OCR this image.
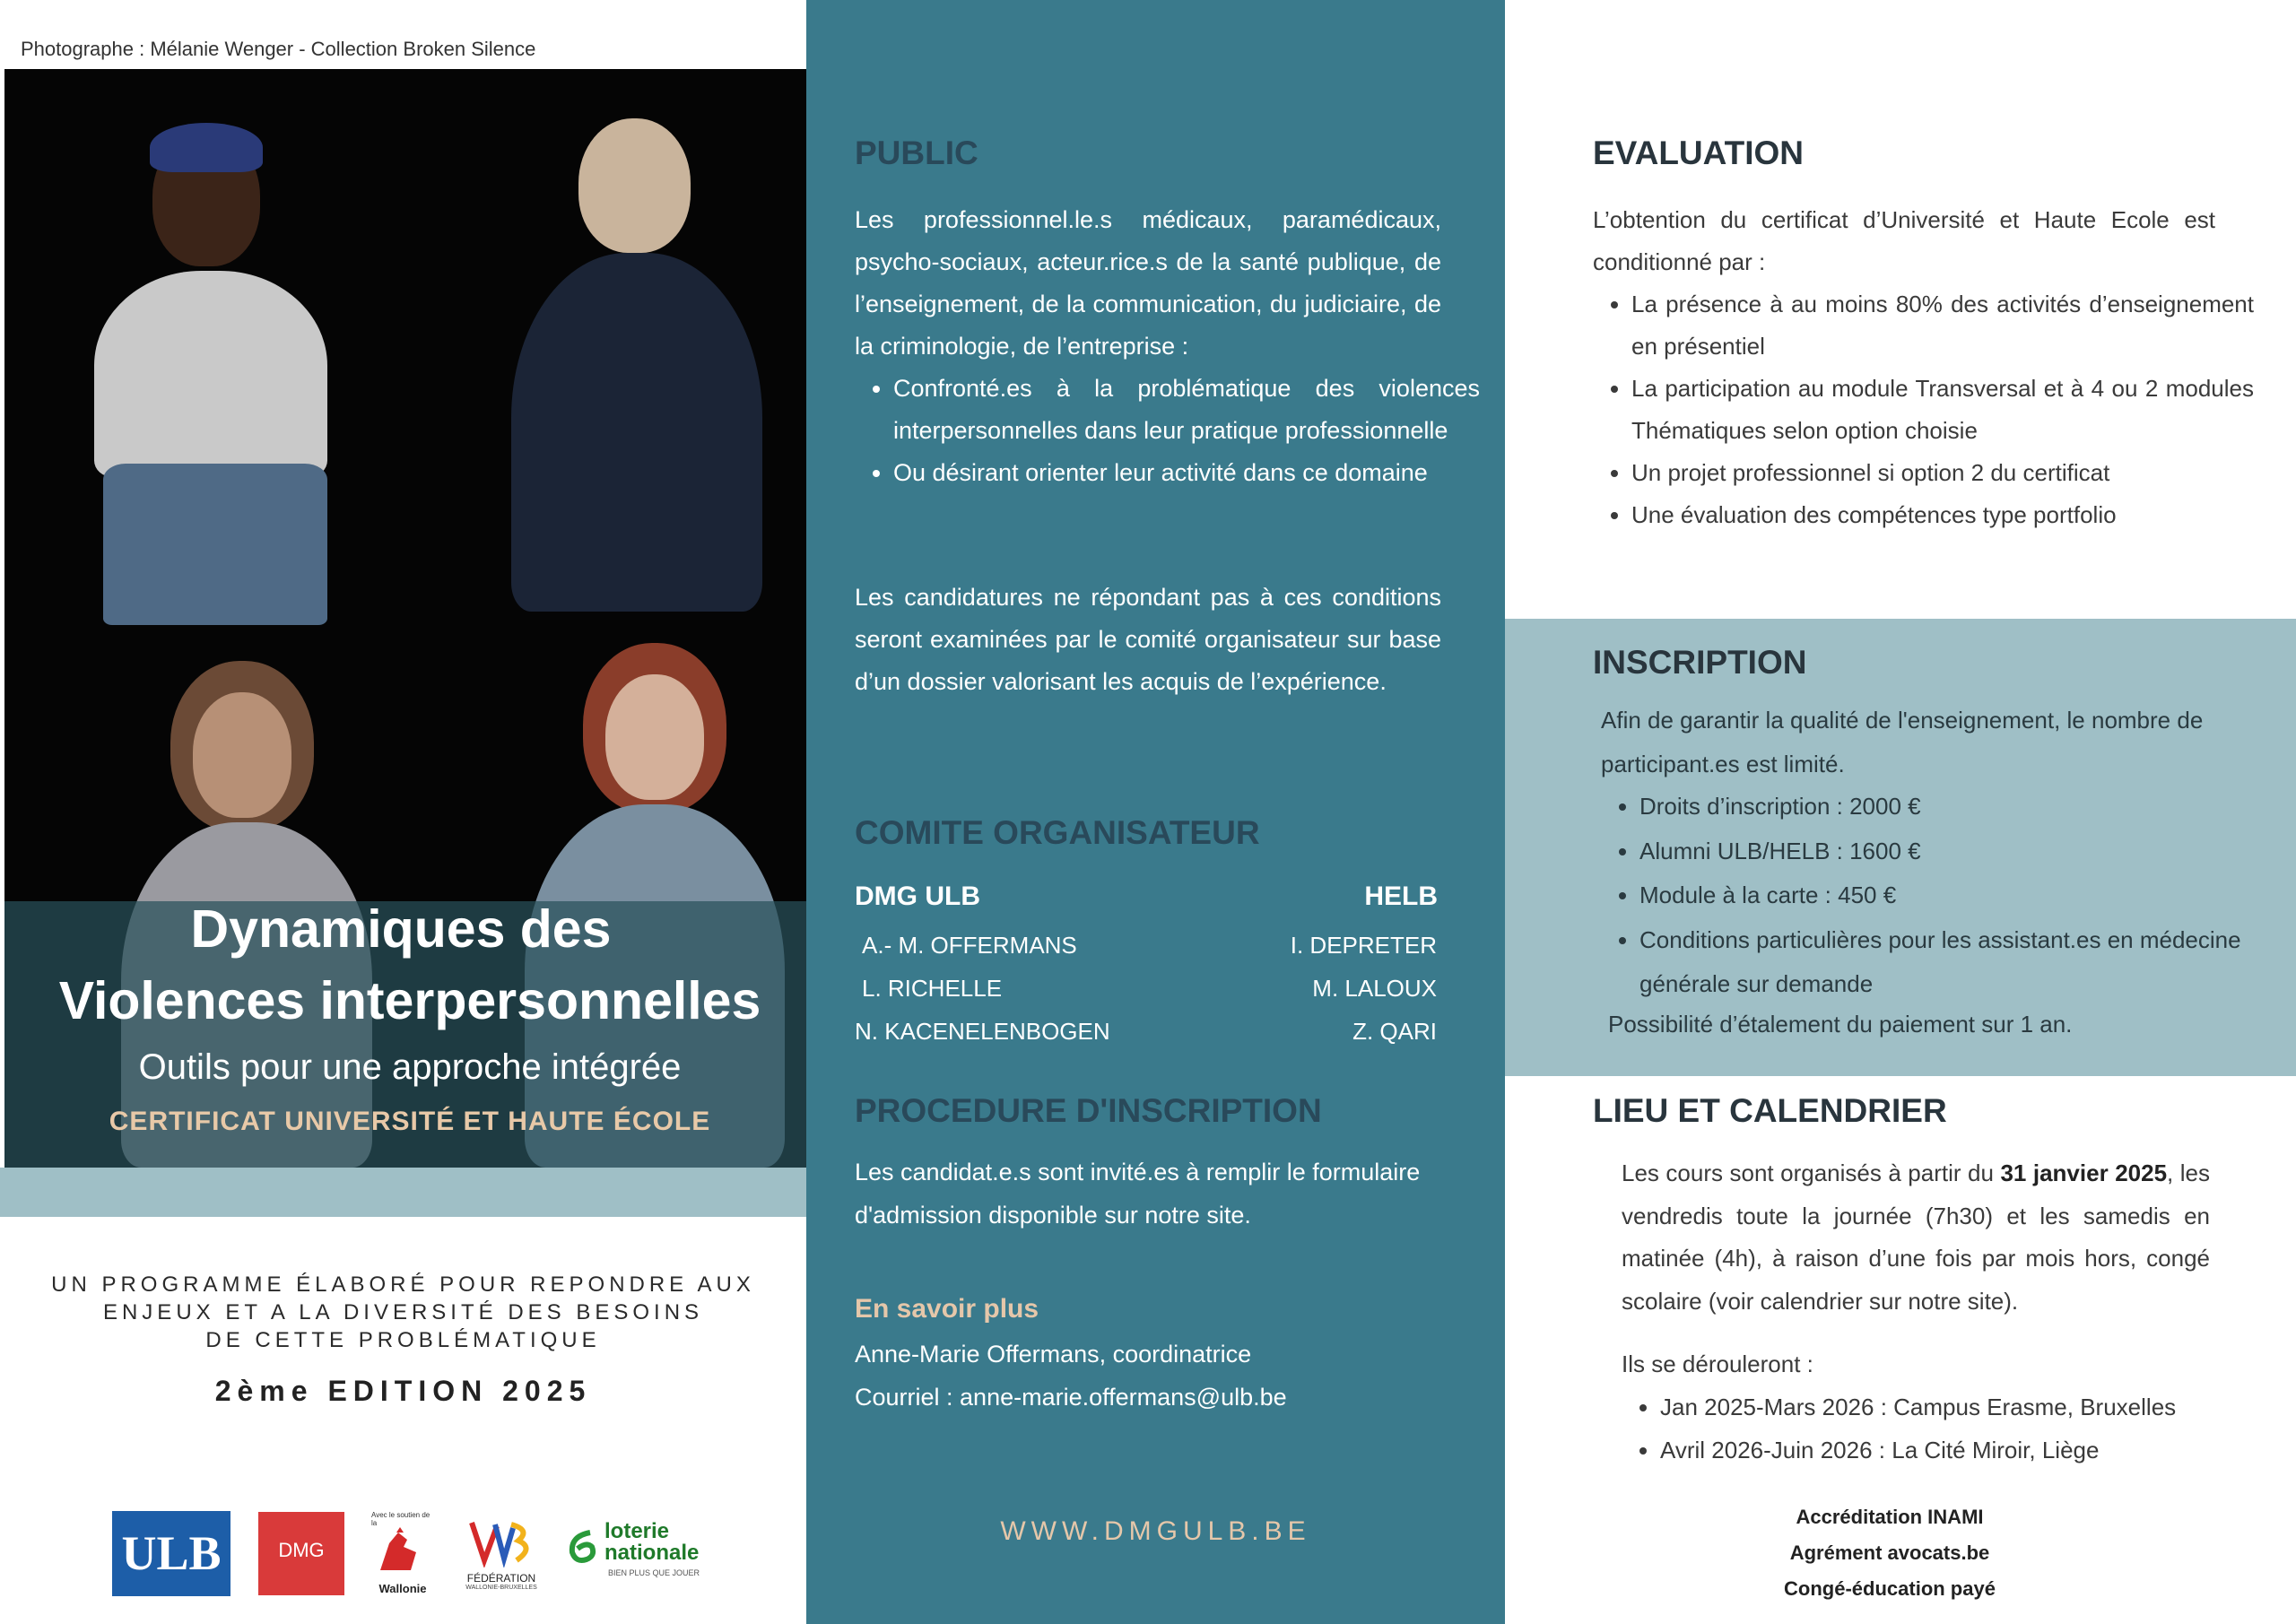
Photographe : Mélanie Wenger - Collection Broken Silence
Dynamiques des
Violences interpersonnelles
Outils pour une approche intégrée
CERTIFICAT UNIVERSITÉ ET HAUTE ÉCOLE
UN PROGRAMME ÉLABORÉ POUR REPONDRE AUX
ENJEUX ET A LA DIVERSITÉ DES BESOINS
DE CETTE PROBLÉMATIQUE
2ème EDITION 2025
ULB	DMG
Avec le soutien de la
Wallonie
FÉDÉRATION
WALLONIE-BRUXELLES
loterie
nationale
BIEN PLUS QUE JOUER
PUBLIC
Les professionnel.le.s médicaux, paramédicaux, psycho-sociaux, acteur.rice.s de la santé publique, de l’enseignement, de la communication, du judiciaire, de la criminologie, de l’entreprise :
• Confronté.es à la problématique des violences interpersonnelles dans leur pratique professionnelle
• Ou désirant orienter leur activité dans ce domaine
Les candidatures ne répondant pas à ces conditions seront examinées par le comité organisateur sur base d’un dossier valorisant les acquis de l’expérience.
COMITE ORGANISATEUR
DMG ULB	HELB
A.- M. OFFERMANS
L. RICHELLE
N. KACENELENBOGEN
I. DEPRETER
M. LALOUX
Z. QARI
PROCEDURE D'INSCRIPTION
Les candidat.e.s sont invité.es à remplir le formulaire d'admission disponible sur notre site.
En savoir plus
Anne-Marie Offermans, coordinatrice
Courriel : anne-marie.offermans@ulb.be
WWW.DMGULB.BE
EVALUATION
L’obtention du certificat d’Université et Haute Ecole est conditionné par :
• La présence à au moins 80% des activités d’enseignement en présentiel
• La participation au module Transversal et à 4 ou 2 modules Thématiques selon option choisie
• Un projet professionnel si option 2 du certificat
• Une évaluation des compétences type portfolio
INSCRIPTION
Afin de garantir la qualité de l'enseignement, le nombre de participant.es est limité.
• Droits d’inscription : 2000 €
• Alumni ULB/HELB : 1600 €
• Module à la carte : 450 €
• Conditions particulières pour les assistant.es en médecine générale sur demande
Possibilité d’étalement du paiement sur 1 an.
LIEU ET CALENDRIER
Les cours sont organisés à partir du 31 janvier 2025, les vendredis toute la journée (7h30) et les samedis en matinée (4h), à raison d’une fois par mois hors, congé scolaire (voir calendrier sur notre site).
Ils se dérouleront :
• Jan 2025-Mars 2026 : Campus Erasme, Bruxelles
• Avril 2026-Juin 2026 : La Cité Miroir, Liège
Accréditation INAMI
Agrément avocats.be
Congé-éducation payé
